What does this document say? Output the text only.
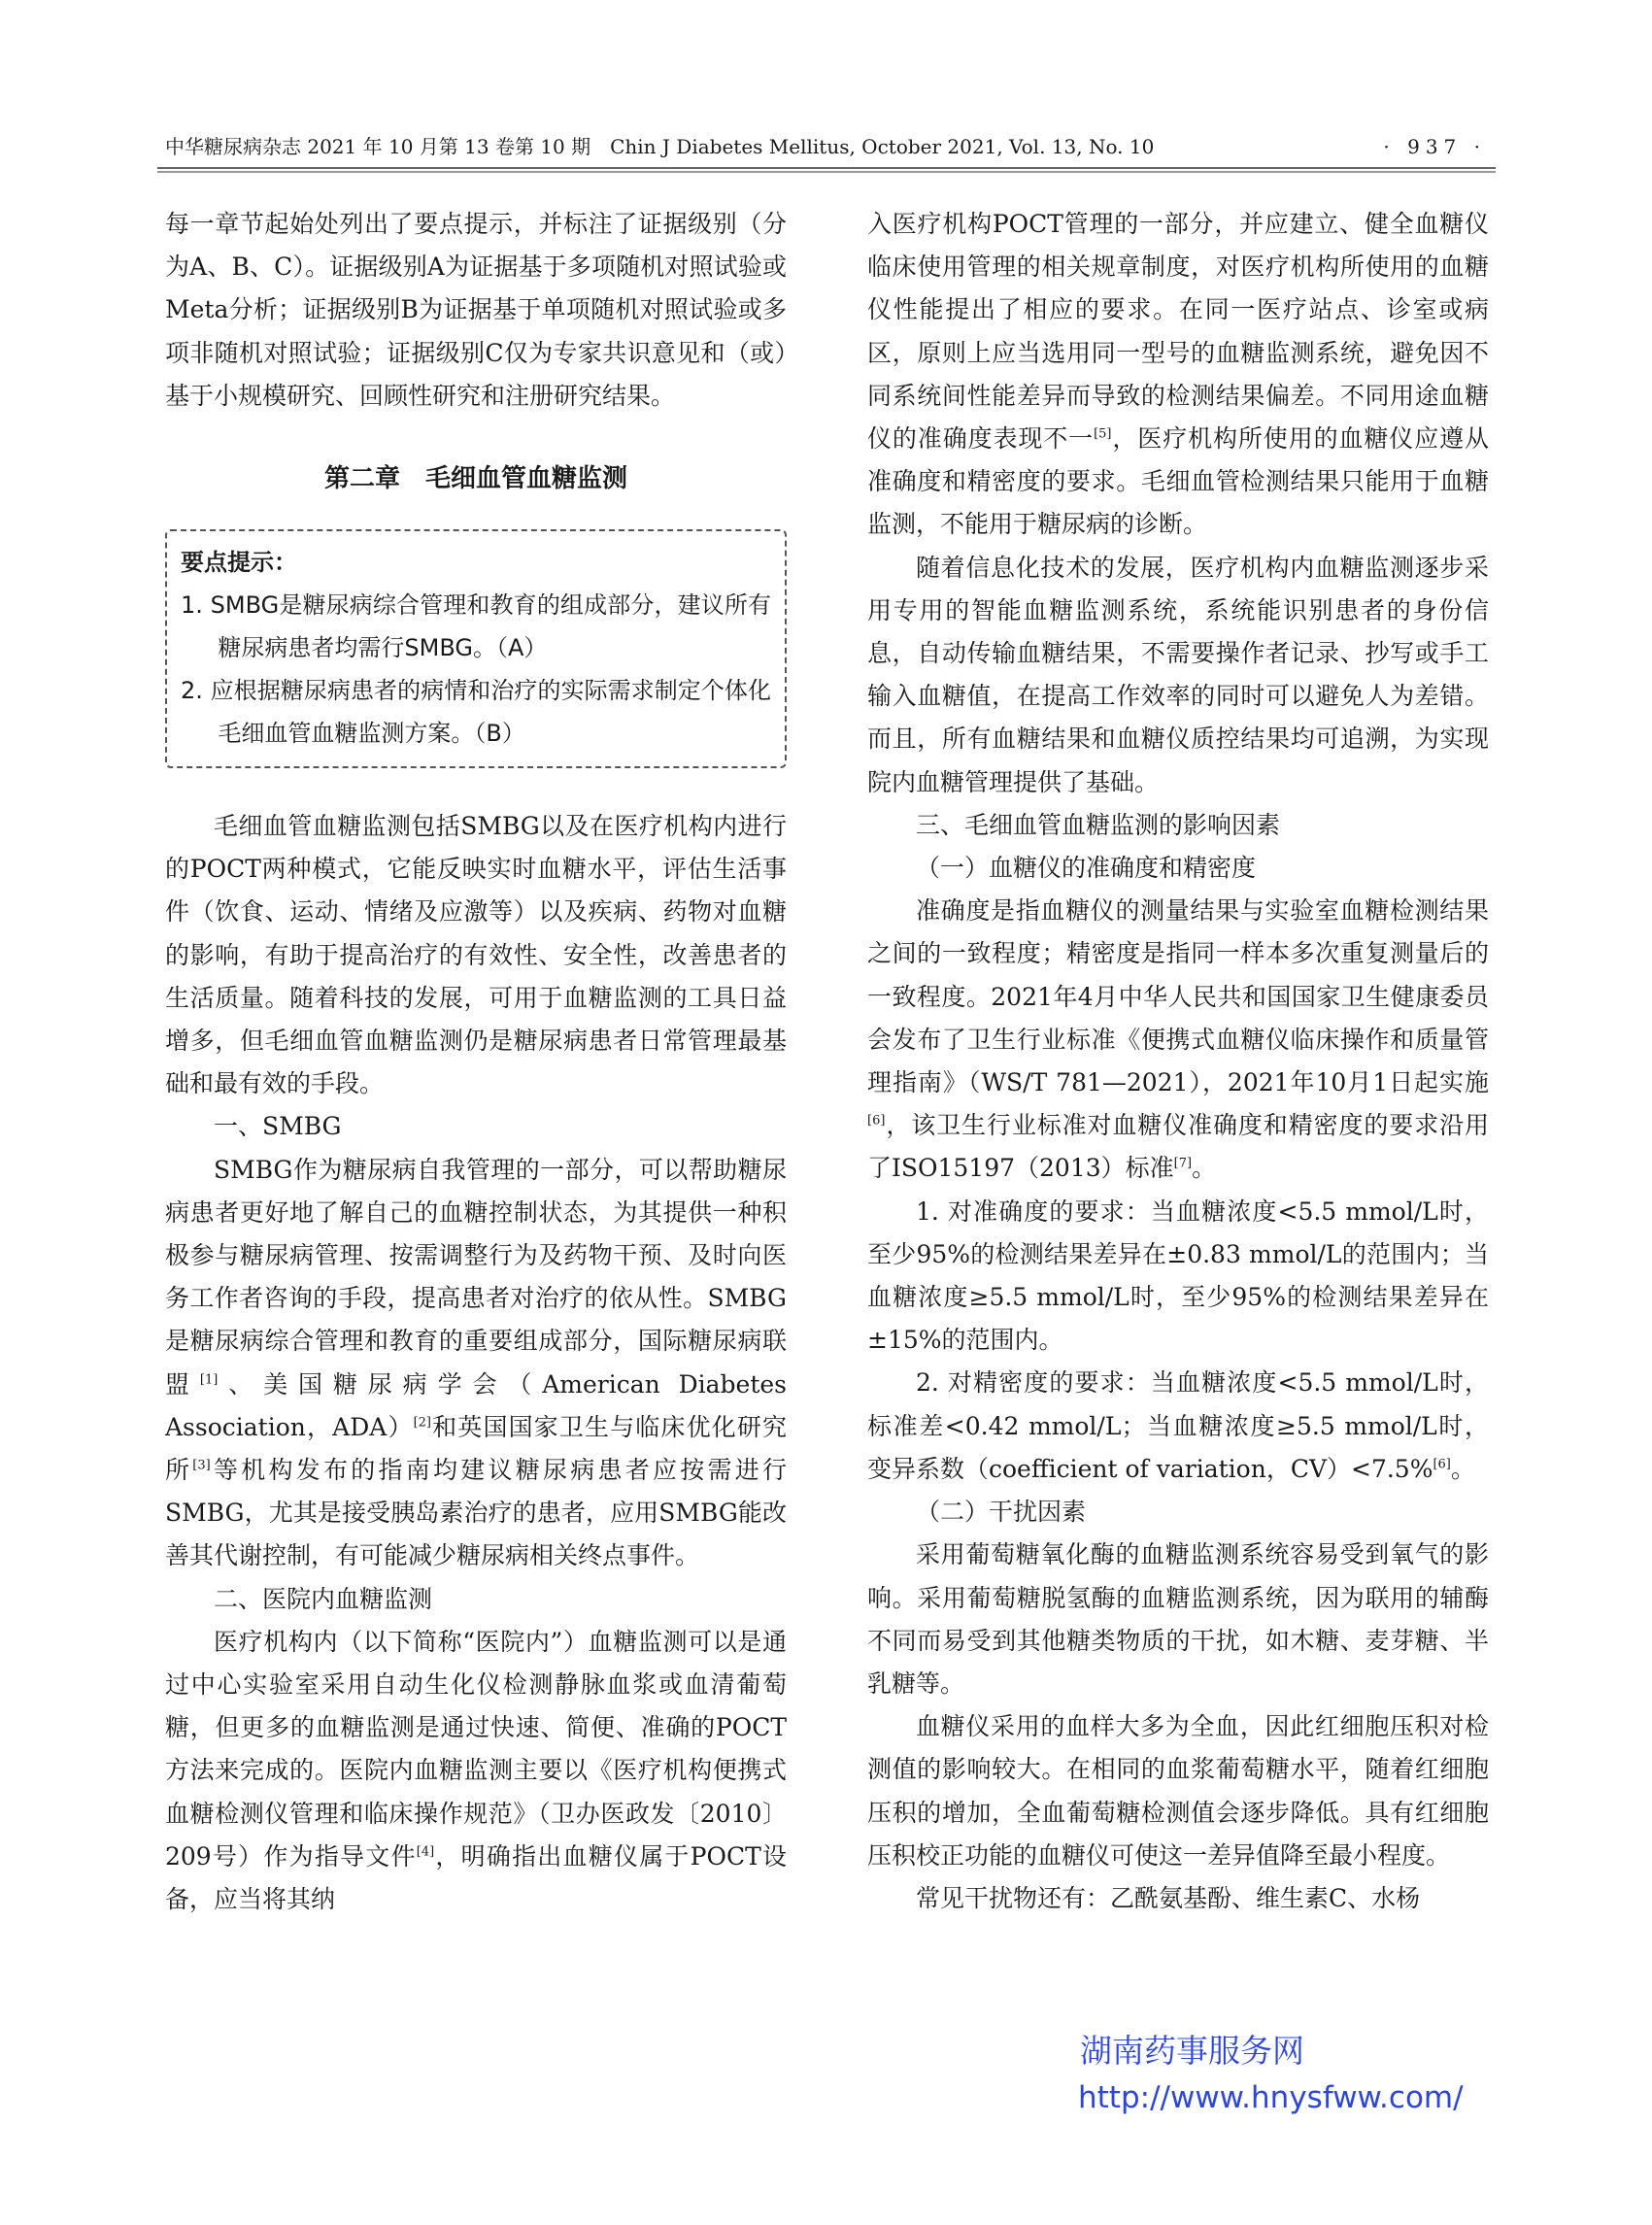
中华糖尿病杂志 2021 年 10 月第 13 卷第 10 期　Chin J Diabetes Mellitus, October 2021, Vol. 13, No. 10	· 937 ·

每一章节起始处列出了要点提示，并标注了证据级别（分为A、B、C）。证据级别A为证据基于多项随机对照试验或Meta分析；证据级别B为证据基于单项随机对照试验或多项非随机对照试验；证据级别C仅为专家共识意见和（或）基于小规模研究、回顾性研究和注册研究结果。

第二章　毛细血管血糖监测
要点提示：
1. SMBG是糖尿病综合管理和教育的组成部分，建议所有糖尿病患者均需行SMBG。（A）
2. 应根据糖尿病患者的病情和治疗的实际需求制定个体化毛细血管血糖监测方案。（B）

毛细血管血糖监测包括SMBG以及在医疗机构内进行的POCT两种模式，它能反映实时血糖水平，评估生活事件（饮食、运动、情绪及应激等）以及疾病、药物对血糖的影响，有助于提高治疗的有效性、安全性，改善患者的生活质量。随着科技的发展，可用于血糖监测的工具日益增多，但毛细血管血糖监测仍是糖尿病患者日常管理最基础和最有效的手段。

一、SMBG

SMBG作为糖尿病自我管理的一部分，可以帮助糖尿病患者更好地了解自己的血糖控制状态，为其提供一种积极参与糖尿病管理、按需调整行为及药物干预、及时向医务工作者咨询的手段，提高患者对治疗的依从性。SMBG是糖尿病综合管理和教育的重要组成部分，国际糖尿病联盟[1]、美国糖尿病学会（American Diabetes Association，ADA）[2]和英国国家卫生与临床优化研究所[3]等机构发布的指南均建议糖尿病患者应按需进行SMBG，尤其是接受胰岛素治疗的患者，应用SMBG能改善其代谢控制，有可能减少糖尿病相关终点事件。

二、医院内血糖监测

医疗机构内（以下简称“医院内”）血糖监测可以是通过中心实验室采用自动生化仪检测静脉血浆或血清葡萄糖，但更多的血糖监测是通过快速、简便、准确的POCT方法来完成的。医院内血糖监测主要以《医疗机构便携式血糖检测仪管理和临床操作规范》（卫办医政发〔2010〕209号）作为指导文件[4]，明确指出血糖仪属于POCT设备，应当将其纳

入医疗机构POCT管理的一部分，并应建立、健全血糖仪临床使用管理的相关规章制度，对医疗机构所使用的血糖仪性能提出了相应的要求。在同一医疗站点、诊室或病区，原则上应当选用同一型号的血糖监测系统，避免因不同系统间性能差异而导致的检测结果偏差。不同用途血糖仪的准确度表现不一[5]，医疗机构所使用的血糖仪应遵从准确度和精密度的要求。毛细血管检测结果只能用于血糖监测，不能用于糖尿病的诊断。

随着信息化技术的发展，医疗机构内血糖监测逐步采用专用的智能血糖监测系统，系统能识别患者的身份信息，自动传输血糖结果，不需要操作者记录、抄写或手工输入血糖值，在提高工作效率的同时可以避免人为差错。而且，所有血糖结果和血糖仪质控结果均可追溯，为实现院内血糖管理提供了基础。

三、毛细血管血糖监测的影响因素

（一）血糖仪的准确度和精密度

准确度是指血糖仪的测量结果与实验室血糖检测结果之间的一致程度；精密度是指同一样本多次重复测量后的一致程度。2021年4月中华人民共和国国家卫生健康委员会发布了卫生行业标准《便携式血糖仪临床操作和质量管理指南》（WS/T 781—2021），2021年10月1日起实施[6]，该卫生行业标准对血糖仪准确度和精密度的要求沿用了ISO15197（2013）标准[7]。

1. 对准确度的要求：当血糖浓度<5.5 mmol/L时，至少95%的检测结果差异在±0.83 mmol/L的范围内；当血糖浓度≥5.5 mmol/L时，至少95%的检测结果差异在±15%的范围内。

2. 对精密度的要求：当血糖浓度<5.5 mmol/L时，标准差<0.42 mmol/L；当血糖浓度≥5.5 mmol/L时，变异系数（coefficient of variation，CV）<7.5%[6]。

（二）干扰因素

采用葡萄糖氧化酶的血糖监测系统容易受到氧气的影响。采用葡萄糖脱氢酶的血糖监测系统，因为联用的辅酶不同而易受到其他糖类物质的干扰，如木糖、麦芽糖、半乳糖等。

血糖仪采用的血样大多为全血，因此红细胞压积对检测值的影响较大。在相同的血浆葡萄糖水平，随着红细胞压积的增加，全血葡萄糖检测值会逐步降低。具有红细胞压积校正功能的血糖仪可使这一差异值降至最小程度。

常见干扰物还有：乙酰氨基酚、维生素C、水杨

湖南药事服务网
http://www.hnysfww.com/
